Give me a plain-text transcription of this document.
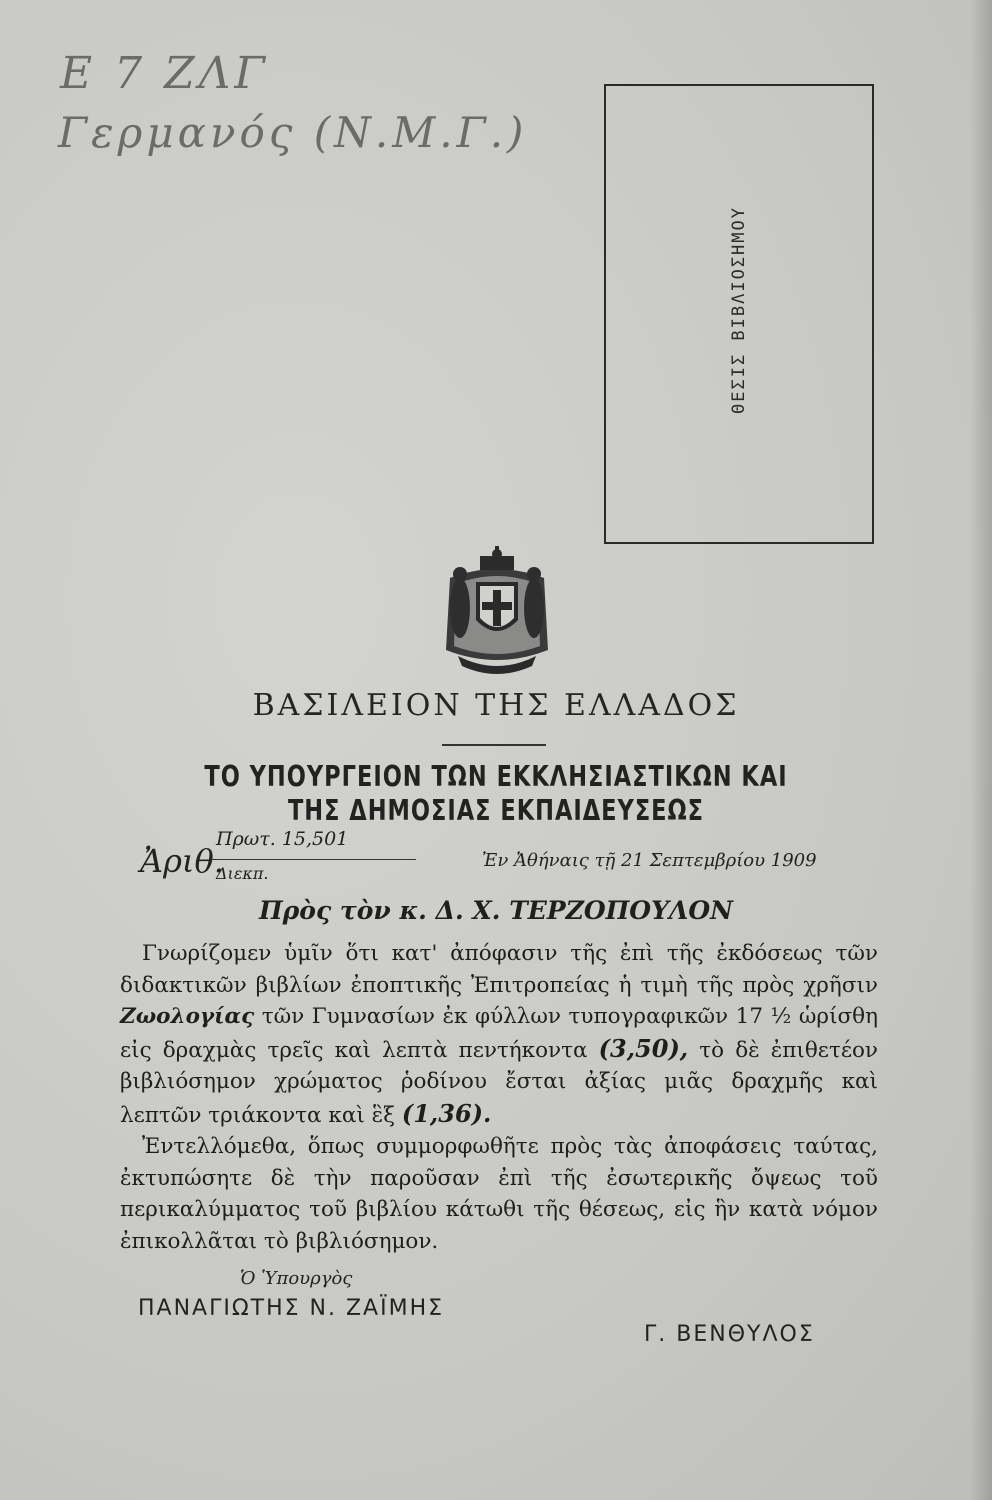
E 7 ΖΛΓ
Γερμανός (Ν.Μ.Γ.)
ΘΕΣΙΣ ΒΙΒΛΙΟΣΗΜΟΥ
ΒΑΣΙΛΕΙΟΝ ΤΗΣ ΕΛΛΑΔΟΣ
ΤΟ ΥΠΟΥΡΓΕΙΟΝ ΤΩΝ ΕΚΚΛΗΣΙΑΣΤΙΚΩΝ ΚΑΙ
ΤΗΣ ΔΗΜΟΣΙΑΣ ΕΚΠΑΙΔΕΥΣΕΩΣ
Ἀριθ.
Πρωτ. 15,501
Διεκπ.
Ἐν Ἀθήναις τῇ 21 Σεπτεμβρίου 1909
Πρὸς τὸν κ. Δ. Χ. ΤΕΡΖΟΠΟΥΛΟΝ

Γνωρίζομεν ὑμῖν ὅτι κατ' ἀπόφασιν τῆς ἐπὶ τῆς ἐκδόσεως τῶν διδακτικῶν βιβλίων ἐποπτικῆς Ἐπιτροπείας ἡ τιμὴ τῆς πρὸς χρῆσιν Ζωολογίας τῶν Γυμνασίων ἐκ φύλλων τυπογραφικῶν 17 ½ ὡρίσθη εἰς δραχμὰς τρεῖς καὶ λεπτὰ πεντήκοντα (3,50), τὸ δὲ ἐπιθετέον βιβλιόσημον χρώματος ῥοδίνου ἔσται ἀξίας μιᾶς δραχμῆς καὶ λεπτῶν τριάκοντα καὶ ἓξ (1,36).

Ἐντελλόμεθα, ὅπως συμμορφωθῆτε πρὸς τὰς ἀποφάσεις ταύτας, ἐκτυπώσητε δὲ τὴν παροῦσαν ἐπὶ τῆς ἐσωτερικῆς ὄψεως τοῦ περικαλύμματος τοῦ βιβλίου κάτωθι τῆς θέσεως, εἰς ἣν κατὰ νόμον ἐπικολλᾶται τὸ βιβλιόσημον.

Ὁ Ὑπουργὸς
ΠΑΝΑΓΙΩΤΗΣ Ν. ΖΑΪΜΗΣ
Γ. ΒΕΝΘΥΛΟΣ
